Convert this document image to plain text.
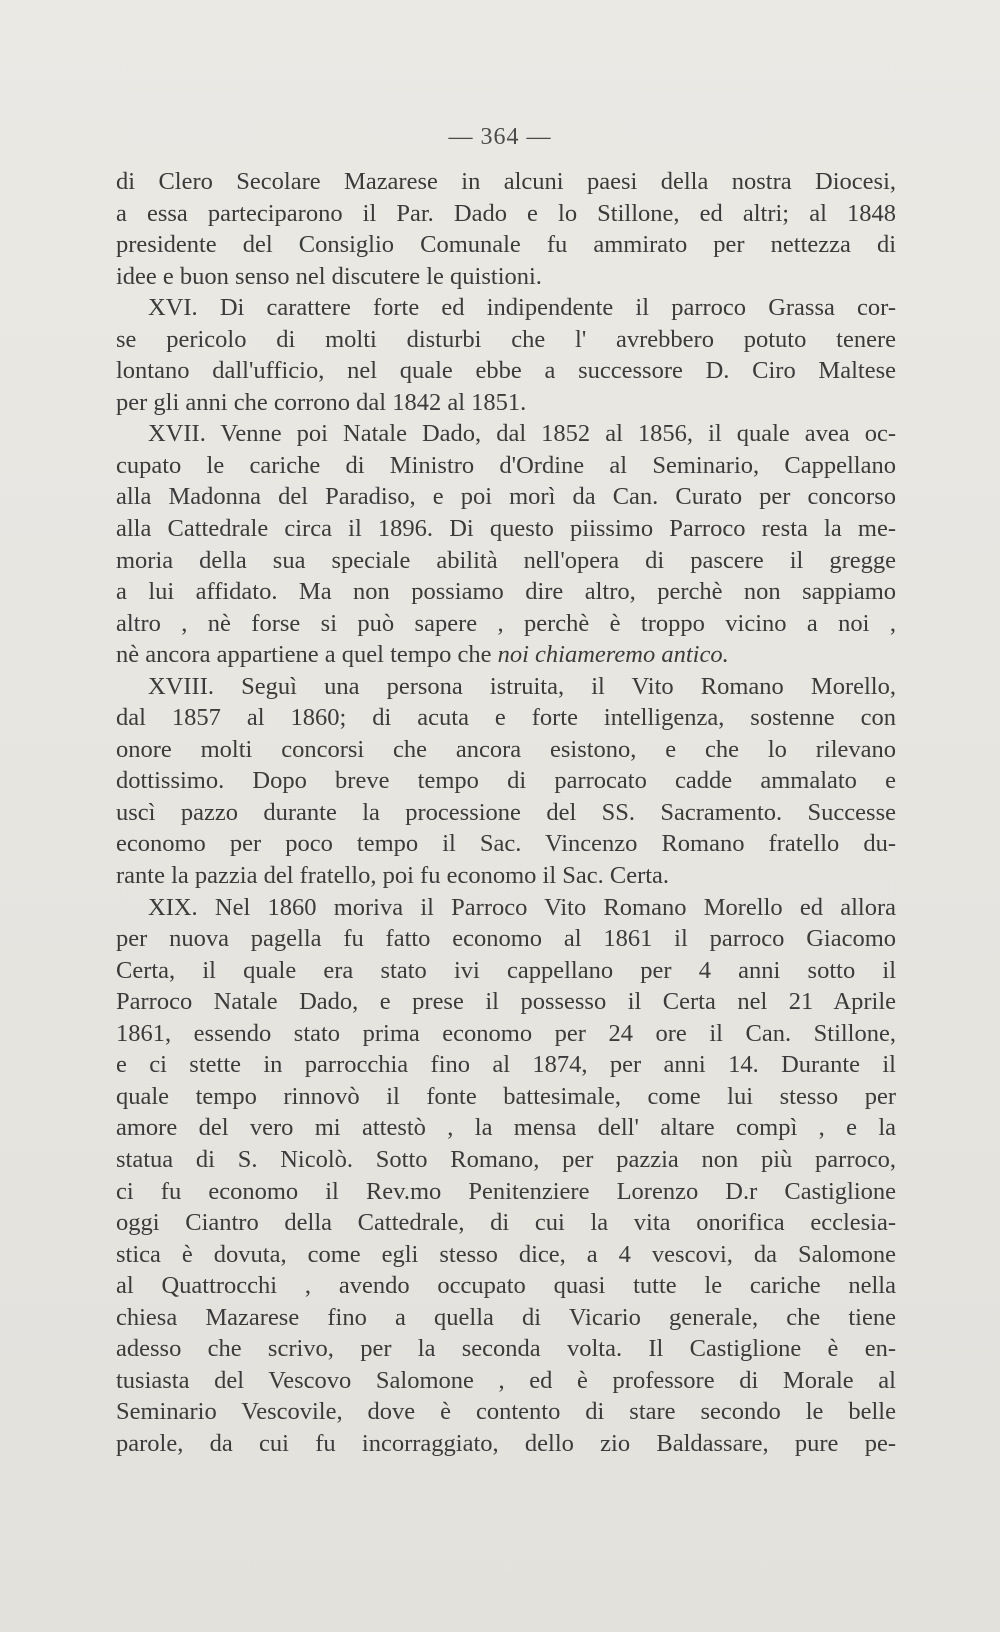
— 364 —
di Clero Secolare Mazarese in alcuni paesi della nostra Diocesi,
a essa parteciparono il Par. Dado e lo Stillone, ed altri; al 1848
presidente del Consiglio Comunale fu ammirato per nettezza di
idee e buon senso nel discutere le quistioni.
XVI. Di carattere forte ed indipendente il parroco Grassa cor-
se pericolo di molti disturbi che l' avrebbero potuto tenere
lontano dall'ufficio, nel quale ebbe a successore D. Ciro Maltese
per gli anni che corrono dal 1842 al 1851.
XVII. Venne poi Natale Dado, dal 1852 al 1856, il quale avea oc-
cupato le cariche di Ministro d'Ordine al Seminario, Cappellano
alla Madonna del Paradiso, e poi morì da Can. Curato per concorso
alla Cattedrale circa il 1896. Di questo piissimo Parroco resta la me-
moria della sua speciale abilità nell'opera di pascere il gregge
a lui affidato. Ma non possiamo dire altro, perchè non sappiamo
altro , nè forse si può sapere , perchè è troppo vicino a noi ,
nè ancora appartiene a quel tempo che noi chiameremo antico.
XVIII. Seguì una persona istruita, il Vito Romano Morello,
dal 1857 al 1860; di acuta e forte intelligenza, sostenne con
onore molti concorsi che ancora esistono, e che lo rilevano
dottissimo. Dopo breve tempo di parrocato cadde ammalato e
uscì pazzo durante la processione del SS. Sacramento. Successe
economo per poco tempo il Sac. Vincenzo Romano fratello du-
rante la pazzia del fratello, poi fu economo il Sac. Certa.
XIX. Nel 1860 moriva il Parroco Vito Romano Morello ed allora
per nuova pagella fu fatto economo al 1861 il parroco Giacomo
Certa, il quale era stato ivi cappellano per 4 anni sotto il
Parroco Natale Dado, e prese il possesso il Certa nel 21 Aprile
1861, essendo stato prima economo per 24 ore il Can. Stillone,
e ci stette in parrocchia fino al 1874, per anni 14. Durante il
quale tempo rinnovò il fonte battesimale, come lui stesso per
amore del vero mi attestò , la mensa dell' altare compì , e la
statua di S. Nicolò. Sotto Romano, per pazzia non più parroco,
ci fu economo il Rev.mo Penitenziere Lorenzo D.r Castiglione
oggi Ciantro della Cattedrale, di cui la vita onorifica ecclesia-
stica è dovuta, come egli stesso dice, a 4 vescovi, da Salomone
al Quattrocchi , avendo occupato quasi tutte le cariche nella
chiesa Mazarese fino a quella di Vicario generale, che tiene
adesso che scrivo, per la seconda volta. Il Castiglione è en-
tusiasta del Vescovo Salomone , ed è professore di Morale al
Seminario Vescovile, dove è contento di stare secondo le belle
parole, da cui fu incorraggiato, dello zio Baldassare, pure pe-
